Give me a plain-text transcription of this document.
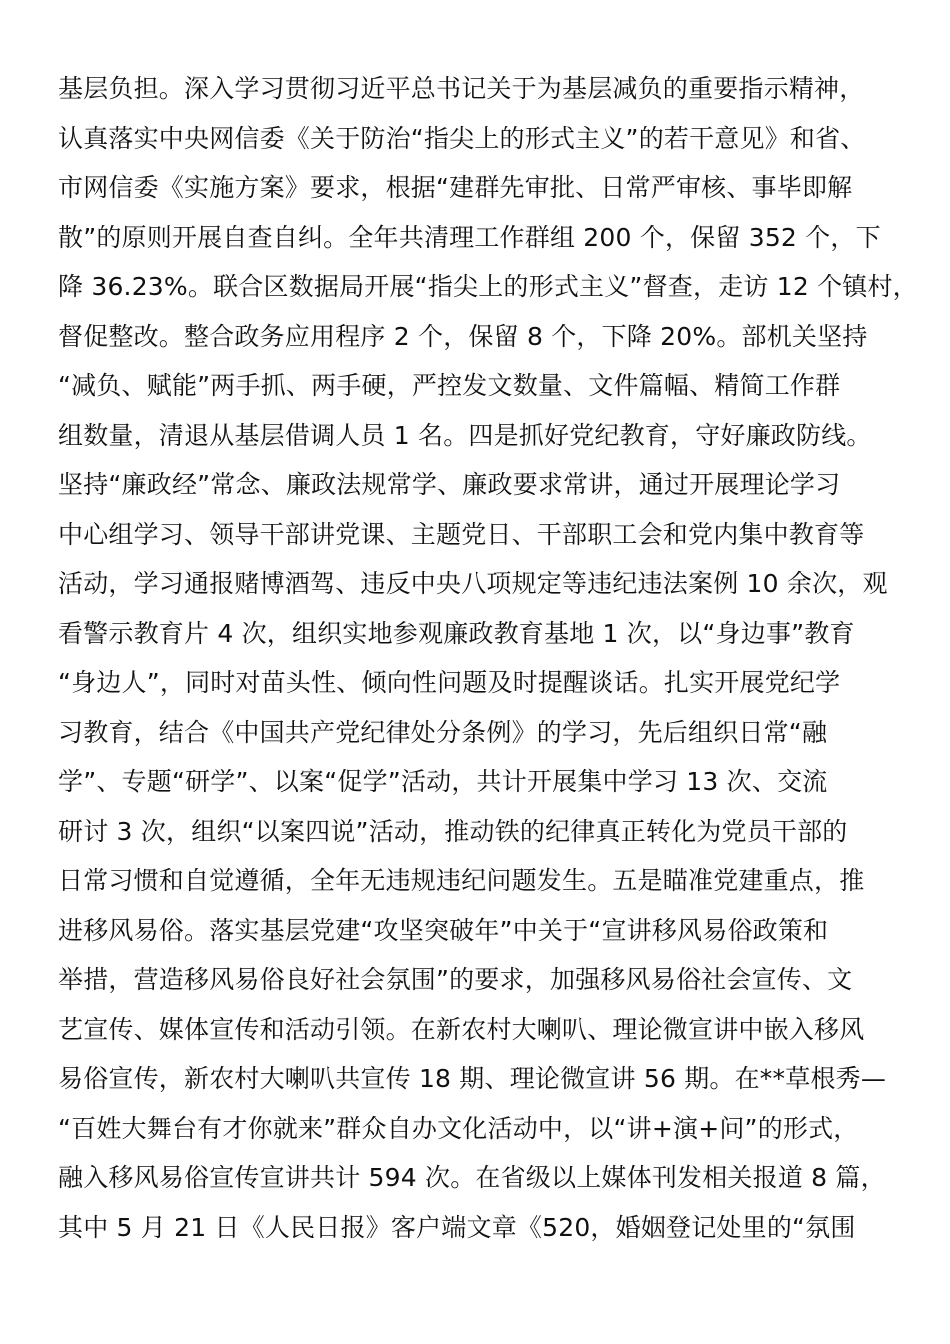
基层负担。深入学习贯彻习近平总书记关于为基层减负的重要指示精神，
认真落实中央网信委《关于防治“指尖上的形式主义”的若干意见》和省、
市网信委《实施方案》要求，根据“建群先审批、日常严审核、事毕即解
散”的原则开展自查自纠。全年共清理工作群组 200 个，保留 352 个，下
降 36.23%。联合区数据局开展“指尖上的形式主义”督查，走访 12 个镇村，
督促整改。整合政务应用程序 2 个，保留 8 个，下降 20%。部机关坚持
“减负、赋能”两手抓、两手硬，严控发文数量、文件篇幅、精简工作群
组数量，清退从基层借调人员 1 名。四是抓好党纪教育，守好廉政防线。
坚持“廉政经”常念、廉政法规常学、廉政要求常讲，通过开展理论学习
中心组学习、领导干部讲党课、主题党日、干部职工会和党内集中教育等
活动，学习通报赌博酒驾、违反中央八项规定等违纪违法案例 10 余次，观
看警示教育片 4 次，组织实地参观廉政教育基地 1 次，以“身边事”教育
“身边人”，同时对苗头性、倾向性问题及时提醒谈话。扎实开展党纪学
习教育，结合《中国共产党纪律处分条例》的学习，先后组织日常“融
学”、专题“研学”、以案“促学”活动，共计开展集中学习 13 次、交流
研讨 3 次，组织“以案四说”活动，推动铁的纪律真正转化为党员干部的
日常习惯和自觉遵循，全年无违规违纪问题发生。五是瞄准党建重点，推
进移风易俗。落实基层党建“攻坚突破年”中关于“宣讲移风易俗政策和
举措，营造移风易俗良好社会氛围”的要求，加强移风易俗社会宣传、文
艺宣传、媒体宣传和活动引领。在新农村大喇叭、理论微宣讲中嵌入移风
易俗宣传，新农村大喇叭共宣传 18 期、理论微宣讲 56 期。在**草根秀—
“百姓大舞台有才你就来”群众自办文化活动中，以“讲+演+问”的形式，
融入移风易俗宣传宣讲共计 594 次。在省级以上媒体刊发相关报道 8 篇，
其中 5 月 21 日《人民日报》客户端文章《520，婚姻登记处里的“氛围
